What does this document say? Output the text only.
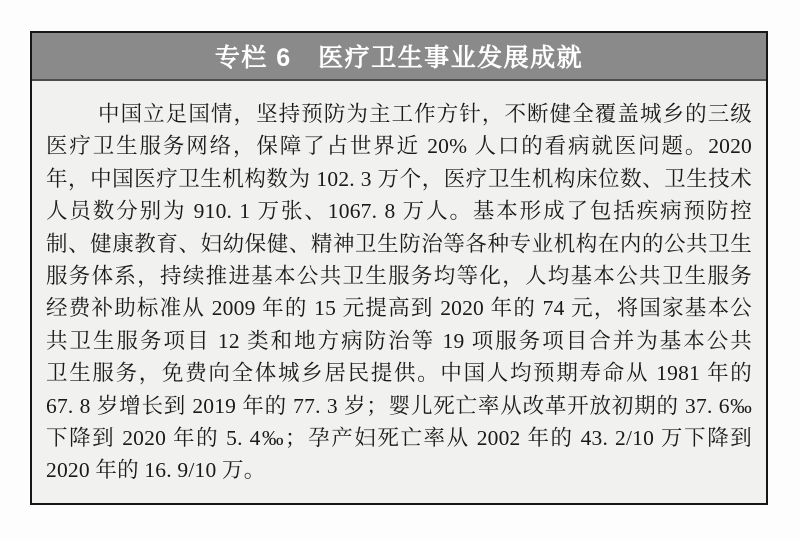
专栏 6　医疗卫生事业发展成就
中国立足国情，坚持预防为主工作方针，不断健全覆盖城乡的三级
医疗卫生服务网络，保障了占世界近 20% 人口的看病就医问题。2020
年，中国医疗卫生机构数为 102. 3 万个，医疗卫生机构床位数、卫生技术
人员数分别为 910. 1 万张、1067. 8 万人。基本形成了包括疾病预防控
制、健康教育、妇幼保健、精神卫生防治等各种专业机构在内的公共卫生
服务体系，持续推进基本公共卫生服务均等化，人均基本公共卫生服务
经费补助标准从 2009 年的 15 元提高到 2020 年的 74 元，将国家基本公
共卫生服务项目 12 类和地方病防治等 19 项服务项目合并为基本公共
卫生服务，免费向全体城乡居民提供。中国人均预期寿命从 1981 年的
67. 8 岁增长到 2019 年的 77. 3 岁；婴儿死亡率从改革开放初期的 37. 6‰
下降到 2020 年的 5. 4‰；孕产妇死亡率从 2002 年的 43. 2/10 万下降到
2020 年的 16. 9/10 万。
